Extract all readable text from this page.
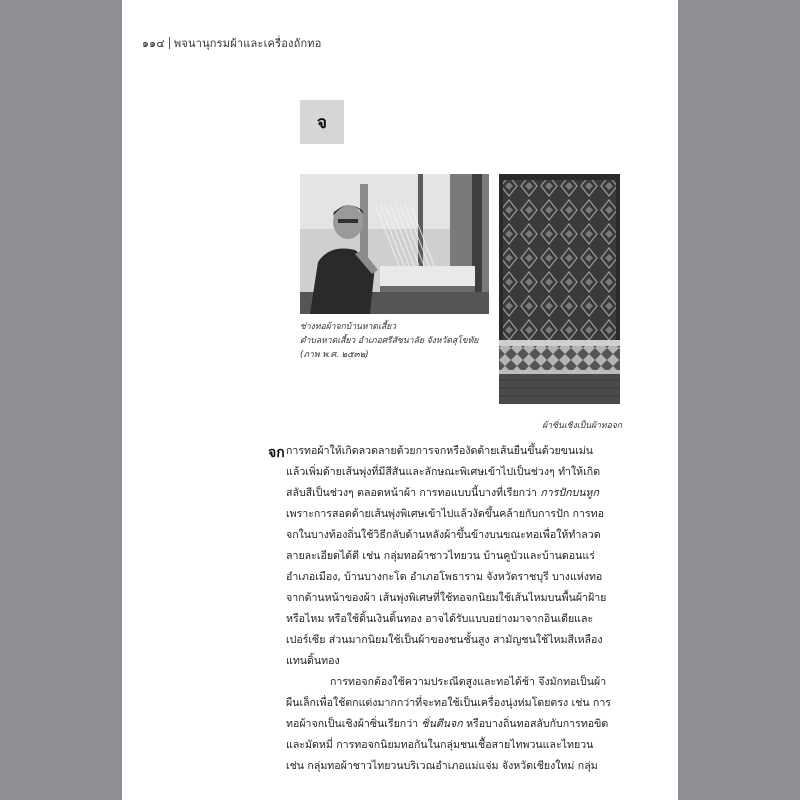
๑๑๔ พจนานุกรมผ้าและเครื่องถักทอ
จ
ช่างทอผ้าจกบ้านหาดเสี้ยว
ตำบลหาดเสี้ยว อำเภอศรีสัชนาลัย จังหวัดสุโขทัย
(ภาพ พ.ศ. ๒๕๓๒)
ผ้าซิ่นเชิงเป็นผ้าทอจก
จก การทอผ้าให้เกิดลวดลายด้วยการจกหรืองัดด้ายเส้นยืนขึ้นด้วยขนเม่น

แล้วเพิ่มด้ายเส้นพุ่งที่มีสีสันและลักษณะพิเศษเข้าไปเป็นช่วงๆ ทำให้เกิด

สลับสีเป็นช่วงๆ ตลอดหน้าผ้า การทอแบบนี้บางที่เรียกว่า การปักบนหูก

เพราะการสอดด้ายเส้นพุ่งพิเศษเข้าไปแล้วงัดขึ้นคล้ายกับการปัก การทอ

จกในบางท้องถิ่นใช้วิธีกลับด้านหลังผ้าขึ้นข้างบนขณะทอเพื่อให้ทำลวด

ลายละเอียดได้ดี เช่น กลุ่มทอผ้าชาวไทยวน บ้านคูบัวและบ้านดอนแร่

อำเภอเมือง, บ้านบางกะโด อำเภอโพธาราม จังหวัดราชบุรี บางแห่งทอ

จากด้านหน้าของผ้า เส้นพุ่งพิเศษที่ใช้ทอจกนิยมใช้เส้นไหมบนพื้นผ้าฝ้าย

หรือไหม หรือใช้ดิ้นเงินดิ้นทอง อาจได้รับแบบอย่างมาจากอินเดียและ

เปอร์เซีย ส่วนมากนิยมใช้เป็นผ้าของชนชั้นสูง สามัญชนใช้ไหมสีเหลือง

แทนดิ้นทอง

การทอจกต้องใช้ความประณีตสูงและทอได้ช้า จึงมักทอเป็นผ้า

ผืนเล็กเพื่อใช้ตกแต่งมากกว่าที่จะทอใช้เป็นเครื่องนุ่งห่มโดยตรง เช่น การ

ทอผ้าจกเป็นเชิงผ้าซิ่นเรียกว่า ซิ่นตีนจก หรือบางถิ่นทอสลับกับการทอขิด

และมัดหมี่ การทอจกนิยมทอกันในกลุ่มชนเชื้อสายไทพวนและไทยวน

เช่น กลุ่มทอผ้าชาวไทยวนบริเวณอำเภอแม่แจ่ม จังหวัดเชียงใหม่ กลุ่ม
